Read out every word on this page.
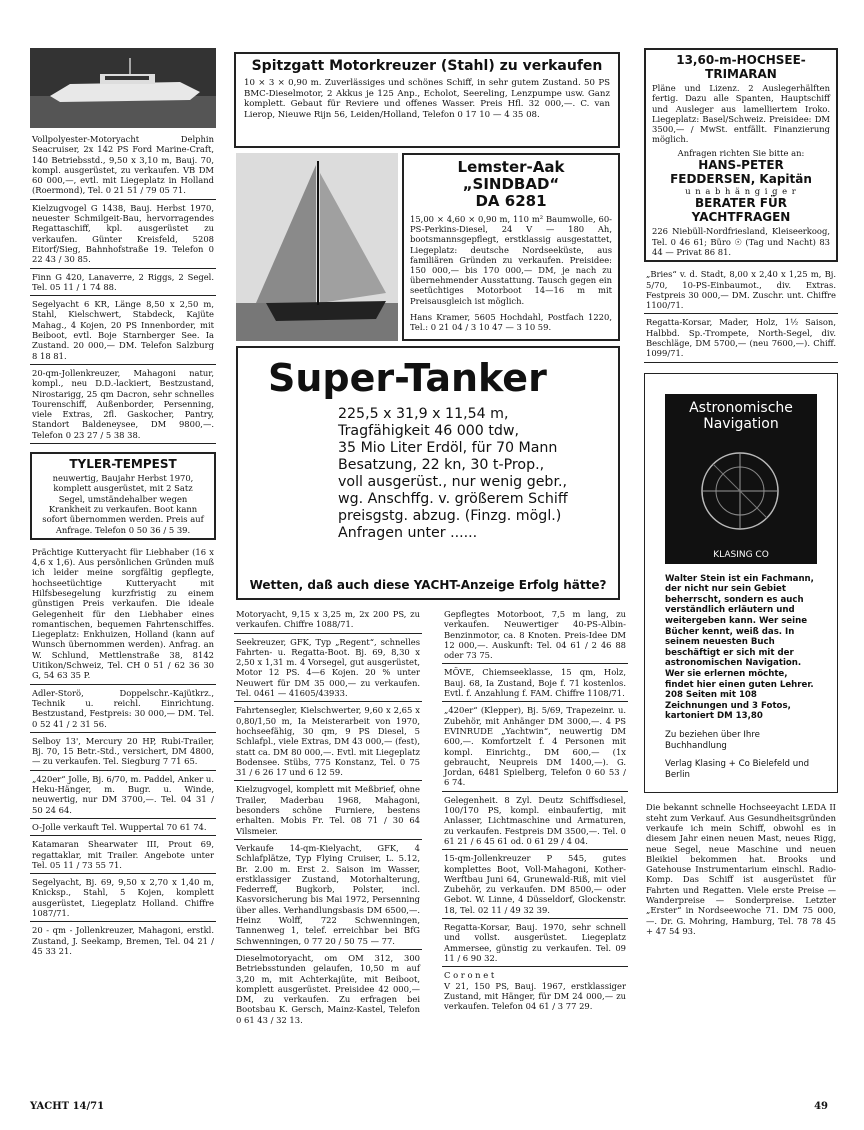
Vollpolyester-Motoryacht Delphin Seacruiser, 2x 142 PS Ford Marine-Craft, 140 Betriebsstd., 9,50 x 3,10 m, Bauj. 70, kompl. ausgerüstet, zu verkaufen. VB DM 60 000,—, evtl. mit Liegeplatz in Holland (Roermond), Tel. 0 21 51 / 79 05 71.
Kielzugvogel G 1438, Bauj. Herbst 1970, neuester Schmilgeit-Bau, hervorragendes Regattaschiff, kpl. ausgerüstet zu verkaufen. Günter Kreisfeld, 5208 Eitorf/Sieg, Bahnhofstraße 19. Telefon 0 22 43 / 30 85.
Finn G 420, Lanaverre, 2 Riggs, 2 Segel. Tel. 05 11 / 1 74 88.
Segelyacht 6 KR, Länge 8,50 x 2,50 m, Stahl, Kielschwert, Stabdeck, Kajüte Mahag., 4 Kojen, 20 PS Innenborder, mit Beiboot, evtl. Boje Starnberger See. Ia Zustand. 20 000,— DM. Telefon Salzburg 8 18 81.
20-qm-Jollenkreuzer, Mahagoni natur, kompl., neu D.D.-lackiert, Bestzustand, Nirostarigg, 25 qm Dacron, sehr schnelles Tourenschiff, Außenborder, Persenning, viele Extras, 2fl. Gaskocher, Pantry, Standort Baldeneysee, DM 9800,—. Telefon 0 23 27 / 5 38 38.
TYLER-TEMPEST
neuwertig, Baujahr Herbst 1970, komplett ausgerüstet, mit 2 Satz Segel, umständehalber wegen Krankheit zu verkaufen. Boot kann sofort übernommen werden. Preis auf Anfrage. Telefon 0 50 36 / 5 39.
Prächtige Kutteryacht für Liebhaber (16 x 4,6 x 1,6). Aus persönlichen Gründen muß ich leider meine sorgfältig gepflegte, hochseetüchtige Kutteryacht mit Hilfsbesegelung kurzfristig zu einem günstigen Preis verkaufen. Die ideale Gelegenheit für den Liebhaber eines romantischen, bequemen Fahrtenschiffes. Liegeplatz: Enkhuizen, Holland (kann auf Wunsch übernommen werden). Anfrag. an W. Schlund, Mettlenstraße 38, 8142 Uitikon/Schweiz, Tel. CH 0 51 / 62 36 30 G, 54 63 35 P.
Adler-Storö, Doppelschr.-Kajütkrz., Technik u. reichl. Einrichtung. Bestzustand, Festpreis: 30 000,— DM. Tel. 0 52 41 / 2 31 56.
Selboy 13', Mercury 20 HP, Rubi-Trailer, Bj. 70, 15 Betr.-Std., versichert, DM 4800,— zu verkaufen. Tel. Siegburg 7 71 65.
„420er“ Jolle, Bj. 6/70, m. Paddel, Anker u. Heku-Hänger, m. Bugr. u. Winde, neuwertig, nur DM 3700,—. Tel. 04 31 / 50 24 64.
O-Jolle verkauft Tel. Wuppertal 70 61 74.
Katamaran Shearwater III, Prout 69, regattaklar, mit Trailer. Angebote unter Tel. 05 11 / 73 55 71.
Segelyacht, Bj. 69, 9,50 x 2,70 x 1,40 m, Knicksp., Stahl, 5 Kojen, komplett ausgerüstet, Liegeplatz Holland. Chiffre 1087/71.
20 - qm - Jollenkreuzer, Mahagoni, erstkl. Zustand, J. Seekamp, Bremen, Tel. 04 21 / 45 33 21.
Spitzgatt Motorkreuzer (Stahl) zu verkaufen
10 × 3 × 0,90 m. Zuverlässiges und schönes Schiff, in sehr gutem Zustand. 50 PS BMC-Dieselmotor, 2 Akkus je 125 Anp., Echolot, Seereling, Lenzpumpe usw. Ganz komplett. Gebaut für Reviere und offenes Wasser. Preis Hfl. 32 000,—. C. van Lierop, Nieuwe Rijn 56, Leiden/Holland, Telefon 0 17 10 — 4 35 08.
Lemster-Aak „SINDBAD“
DA 6281
15,00 × 4,60 × 0,90 m, 110 m² Baumwolle, 60-PS-Perkins-Diesel, 24 V — 180 Ah, bootsmannsgepflegt, erstklassig ausgestattet, Liegeplatz: deutsche Nordseeküste, aus familiären Gründen zu verkaufen. Preisidee: 150 000,— bis 170 000,— DM, je nach zu übernehmender Ausstattung. Tausch gegen ein seetüchtiges Motorboot 14—16 m mit Preisausgleich ist möglich.
Hans Kramer, 5605 Hochdahl, Postfach 1220, Tel.: 0 21 04 / 3 10 47 — 3 10 59.
Super-Tanker
225,5 x 31,9 x 11,54 m,
Tragfähigkeit 46 000 tdw,
35 Mio Liter Erdöl, für 70 Mann
Besatzung, 22 kn, 30 t-Prop.,
voll ausgerüst., nur wenig gebr.,
wg. Anschffg. v. größerem Schiff
preisgstg. abzug. (Finzg. mögl.)
Anfragen unter ......
Wetten, daß auch diese YACHT-Anzeige Erfolg hätte?
Motoryacht, 9,15 x 3,25 m, 2x 200 PS, zu verkaufen. Chiffre 1088/71.
Seekreuzer, GFK, Typ „Regent“, schnelles Fahrten- u. Regatta-Boot. Bj. 69, 8,30 x 2,50 x 1,31 m. 4 Vorsegel, gut ausgerüstet, Motor 12 PS. 4—6 Kojen. 20 % unter Neuwert für DM 35 000,— zu verkaufen. Tel. 0461 — 41605/43933.
Fahrtensegler, Kielschwerter, 9,60 x 2,65 x 0,80/1,50 m, Ia Meisterarbeit von 1970, hochseefähig, 30 qm, 9 PS Diesel, 5 Schlafpl., viele Extras, DM 43 000,— (fest), statt ca. DM 80 000,—. Evtl. mit Liegeplatz Bodensee. Stübs, 775 Konstanz, Tel. 0 75 31 / 6 26 17 und 6 12 59.
Kielzugvogel, komplett mit Meßbrief, ohne Trailer, Maderbau 1968, Mahagoni, besonders schöne Furniere, bestens erhalten. Mobis Fr. Tel. 08 71 / 30 64 Vilsmeier.
Verkaufe 14-qm-Kielyacht, GFK, 4 Schlafplätze, Typ Flying Cruiser, L. 5.12, Br. 2.00 m. Erst 2. Saison im Wasser, erstklassiger Zustand, Motorhalterung, Federreff, Bugkorb, Polster, incl. Kasvorsicherung bis Mai 1972, Persenning über alles. Verhandlungsbasis DM 6500,—. Heinz Wolff, 722 Schwenningen, Tannenweg 1, telef. erreichbar bei BfG Schwenningen, 0 77 20 / 50 75 — 77.
Dieselmotoryacht, om OM 312, 300 Betriebsstunden gelaufen, 10,50 m auf 3,20 m, mit Achterkajüte, mit Beiboot, komplett ausgerüstet. Preisidee 42 000,— DM, zu verkaufen. Zu erfragen bei Bootsbau K. Gersch, Mainz-Kastel, Telefon 0 61 43 / 32 13.
Gepflegtes Motorboot, 7,5 m lang, zu verkaufen. Neuwertiger 40-PS-Albin-Benzinmotor, ca. 8 Knoten. Preis-Idee DM 12 000,—. Auskunft: Tel. 04 61 / 2 46 88 oder 73 75.
MÖVE, Chiemseeklasse, 15 qm, Holz, Bauj. 68, Ia Zustand, Boje f. 71 kostenlos. Evtl. f. Anzahlung f. FAM. Chiffre 1108/71.
„420er“ (Klepper), Bj. 5/69, Trapezeinr. u. Zubehör, mit Anhänger DM 3000,—. 4 PS EVINRUDE „Yachtwin“, neuwertig DM 600,—. Komfortzelt f. 4 Personen mit kompl. Einrichtg., DM 600,— (1x gebraucht, Neupreis DM 1400,—). G. Jordan, 6481 Spielberg, Telefon 0 60 53 / 6 74.
Gelegenheit. 8 Zyl. Deutz Schiffsdiesel, 100/170 PS, kompl. einbaufertig, mit Anlasser, Lichtmaschine und Armaturen, zu verkaufen. Festpreis DM 3500,—. Tel. 0 61 21 / 6 45 61 od. 0 61 29 / 4 04.
15-qm-Jollenkreuzer P 545, gutes komplettes Boot, Voll-Mahagoni, Kother-Werftbau Juni 64, Grunewald-Riß, mit viel Zubehör, zu verkaufen. DM 8500,— oder Gebot. W. Linne, 4 Düsseldorf, Glockenstr. 18, Tel. 02 11 / 49 32 39.
Regatta-Korsar, Bauj. 1970, sehr schnell und vollst. ausgerüstet. Liegeplatz Ammersee, günstig zu verkaufen. Tel. 09 11 / 6 90 32.
C o r o n e t
V 21, 150 PS, Bauj. 1967, erstklassiger Zustand, mit Hänger, für DM 24 000,— zu verkaufen. Telefon 04 61 / 3 77 29.
13,60-m-HOCHSEE-
TRIMARAN
Pläne und Lizenz. 2 Auslegerhälften fertig. Dazu alle Spanten, Hauptschiff und Ausleger aus lamelliertem Iroko. Liegeplatz: Basel/Schweiz. Preisidee: DM 3500,— / MwSt. entfällt. Finanzierung möglich.
Anfragen richten Sie bitte an:
HANS-PETER
FEDDERSEN, Kapitän
u n a b h ä n g i g e r
BERATER FÜR
YACHTFRAGEN
226 Niebüll-Nordfriesland, Kleiseerkoog, Tel. 0 46 61; Büro ☉ (Tag und Nacht) 83 44 — Privat 86 81.
„Bries“ v. d. Stadt, 8,00 x 2,40 x 1,25 m, Bj. 5/70, 10-PS-Einbaumot., div. Extras. Festpreis 30 000,— DM. Zuschr. unt. Chiffre 1100/71.
Regatta-Korsar, Mader, Holz, 1½ Saison, Halbbd. Sp.-Trompete, North-Segel, div. Beschläge, DM 5700,— (neu 7600,—). Chiff. 1099/71.
Astronomische
Navigation
KLASING CO
Walter Stein ist ein Fachmann, der nicht nur sein Gebiet beherrscht, sondern es auch verständlich erläutern und weitergeben kann. Wer seine Bücher kennt, weiß das. In seinem neuesten Buch beschäftigt er sich mit der astronomischen Navigation. Wer sie erlernen möchte, findet hier einen guten Lehrer. 208 Seiten mit 108 Zeichnungen und 3 Fotos, kartoniert DM 13,80
Zu beziehen über Ihre Buchhandlung
Verlag Klasing + Co Bielefeld und Berlin
Die bekannt schnelle Hochseeyacht LEDA II steht zum Verkauf. Aus Gesundheitsgründen verkaufe ich mein Schiff, obwohl es in diesem Jahr einen neuen Mast, neues Rigg, neue Segel, neue Maschine und neuen Bleikiel bekommen hat. Brooks und Gatehouse Instrumentarium einschl. Radio-Komp. Das Schiff ist ausgerüstet für Fahrten und Regatten. Viele erste Preise — Wanderpreise — Sonderpreise. Letzter „Erster“ in Nordseewoche 71. DM 75 000,—. Dr. G. Mohring, Hamburg, Tel. 78 78 45 + 47 54 93.
YACHT 14/71	49
